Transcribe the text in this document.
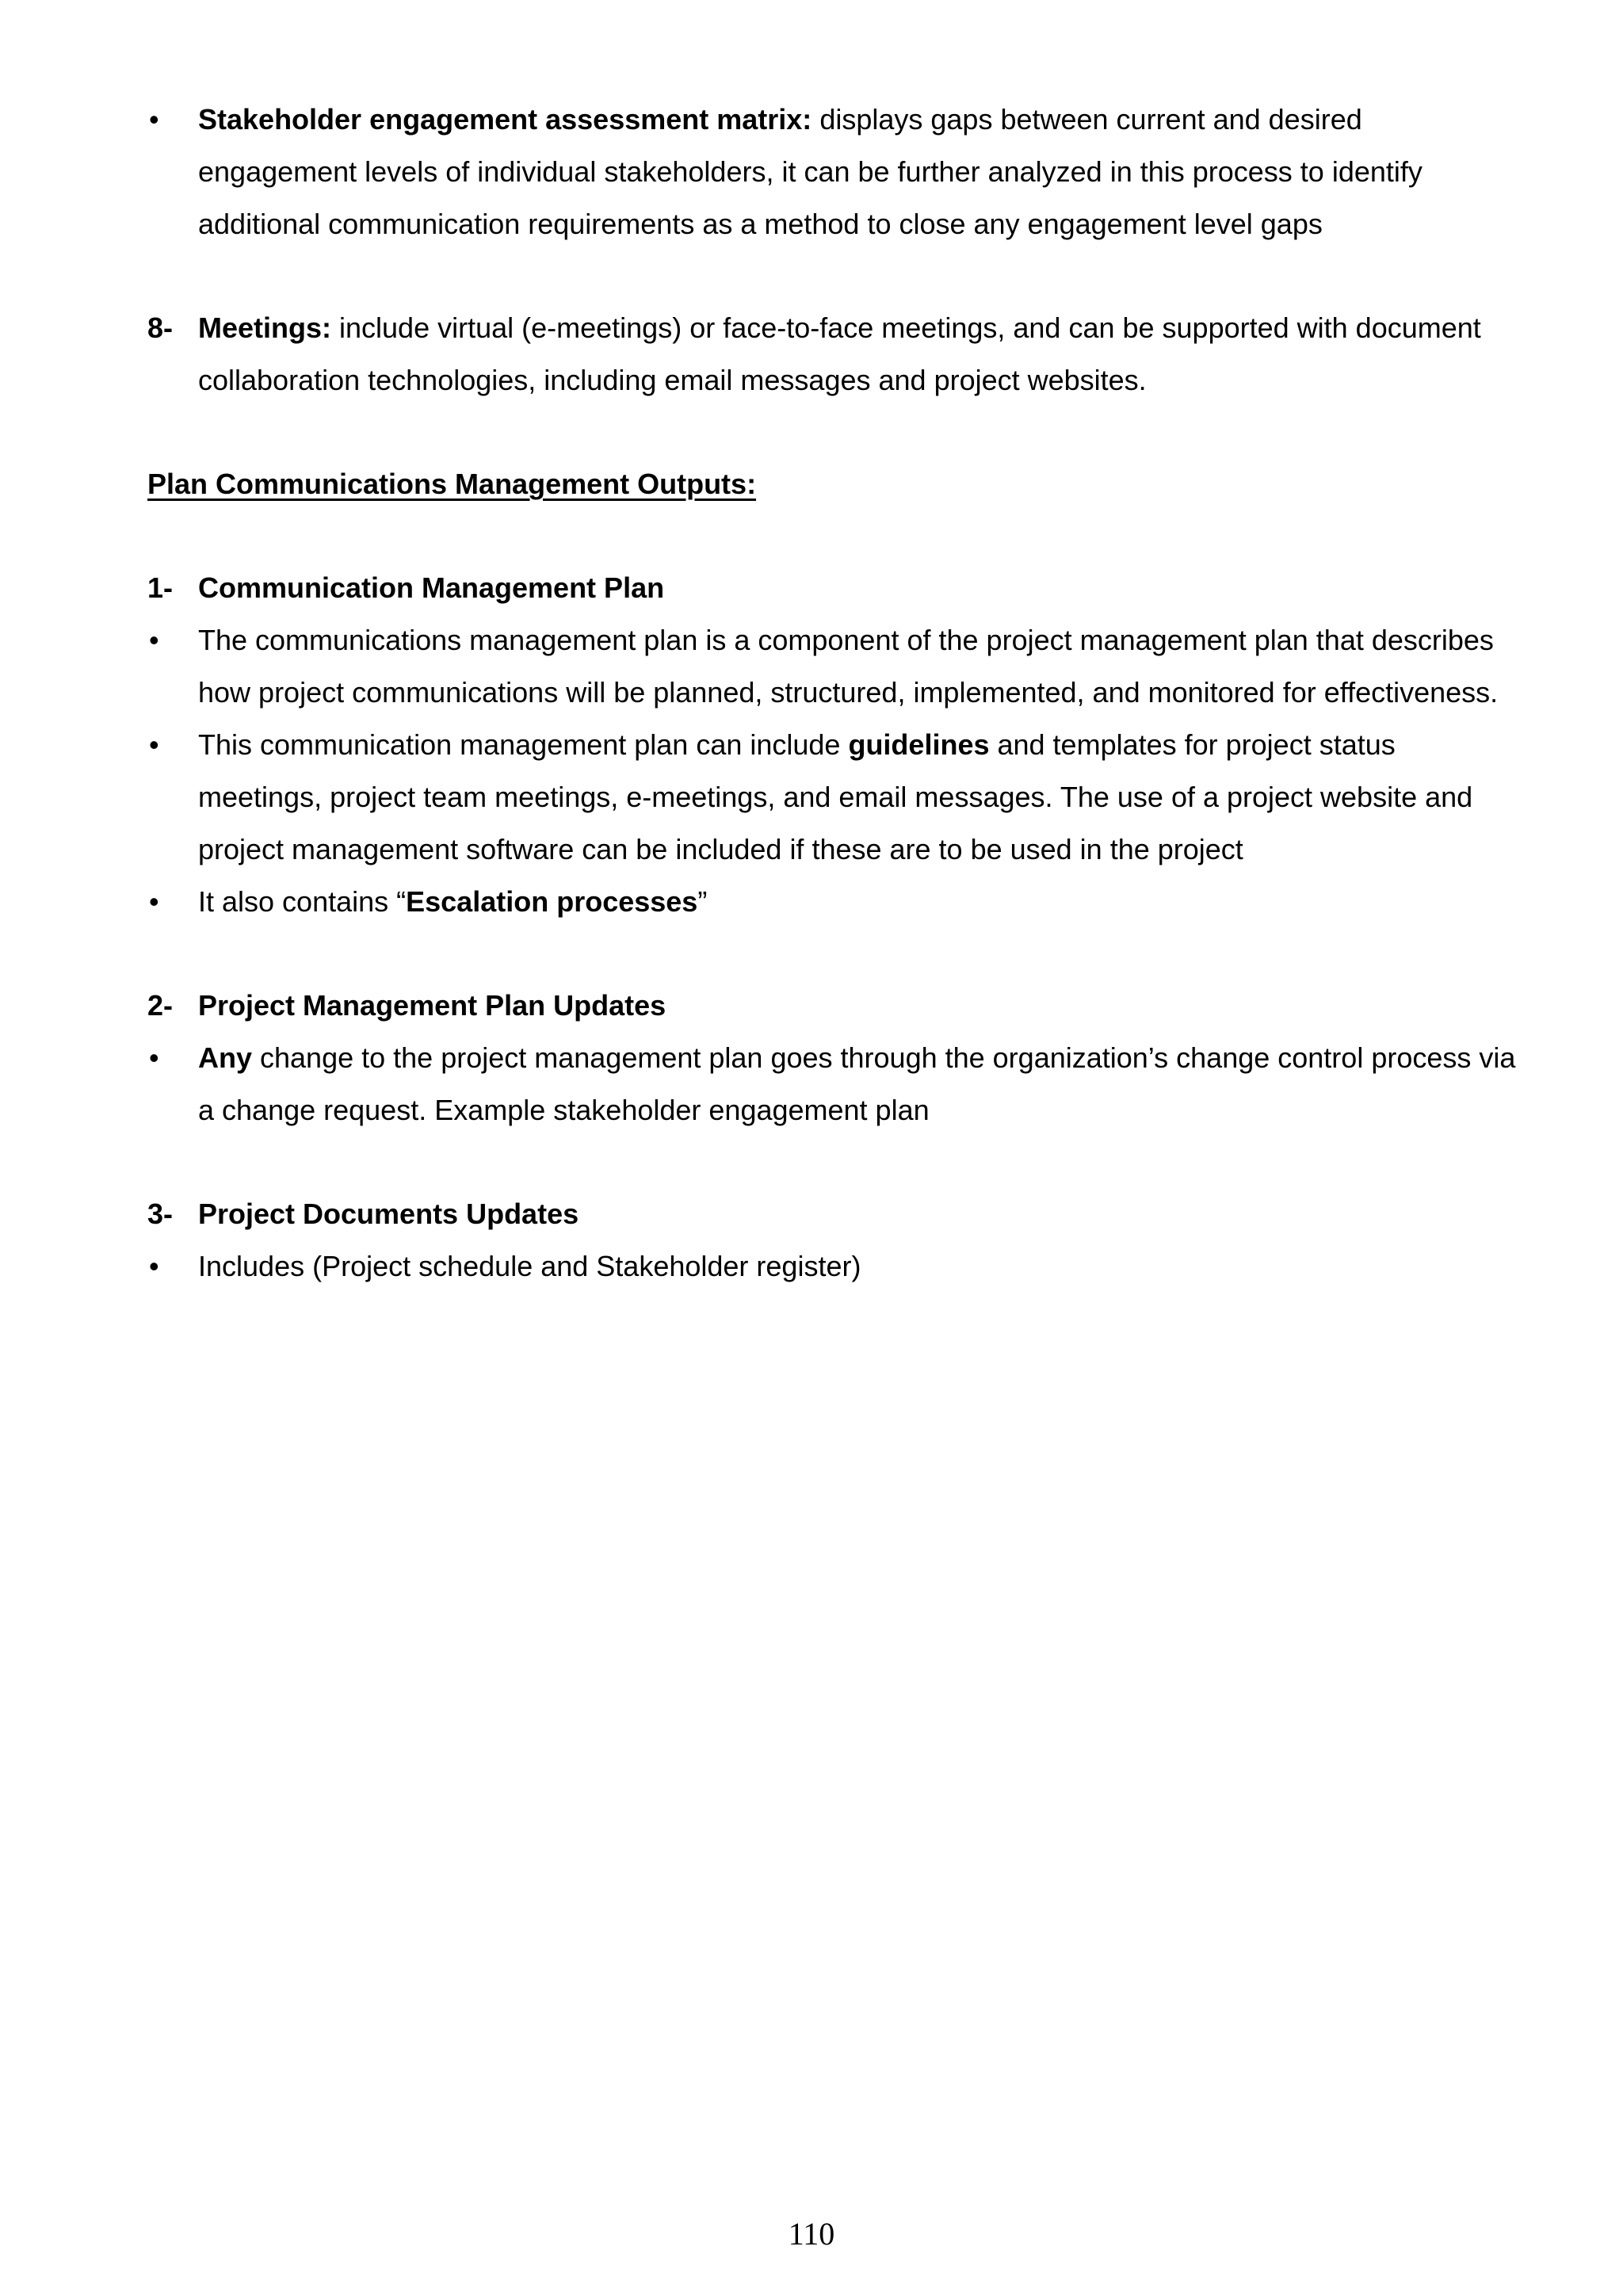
• Stakeholder engagement assessment matrix: displays gaps between current and desired engagement levels of individual stakeholders, it can be further analyzed in this process to identify additional communication requirements as a method to close any engagement level gaps
8- Meetings: include virtual (e-meetings) or face-to-face meetings, and can be supported with document collaboration technologies, including email messages and project websites.
Plan Communications Management Outputs:
1- Communication Management Plan
• The communications management plan is a component of the project management plan that describes how project communications will be planned, structured, implemented, and monitored for effectiveness.
• This communication management plan can include guidelines and templates for project status meetings, project team meetings, e-meetings, and email messages. The use of a project website and project management software can be included if these are to be used in the project
• It also contains “Escalation processes”
2- Project Management Plan Updates
• Any change to the project management plan goes through the organization’s change control process via a change request. Example stakeholder engagement plan
3- Project Documents Updates
• Includes (Project schedule and Stakeholder register)
110
